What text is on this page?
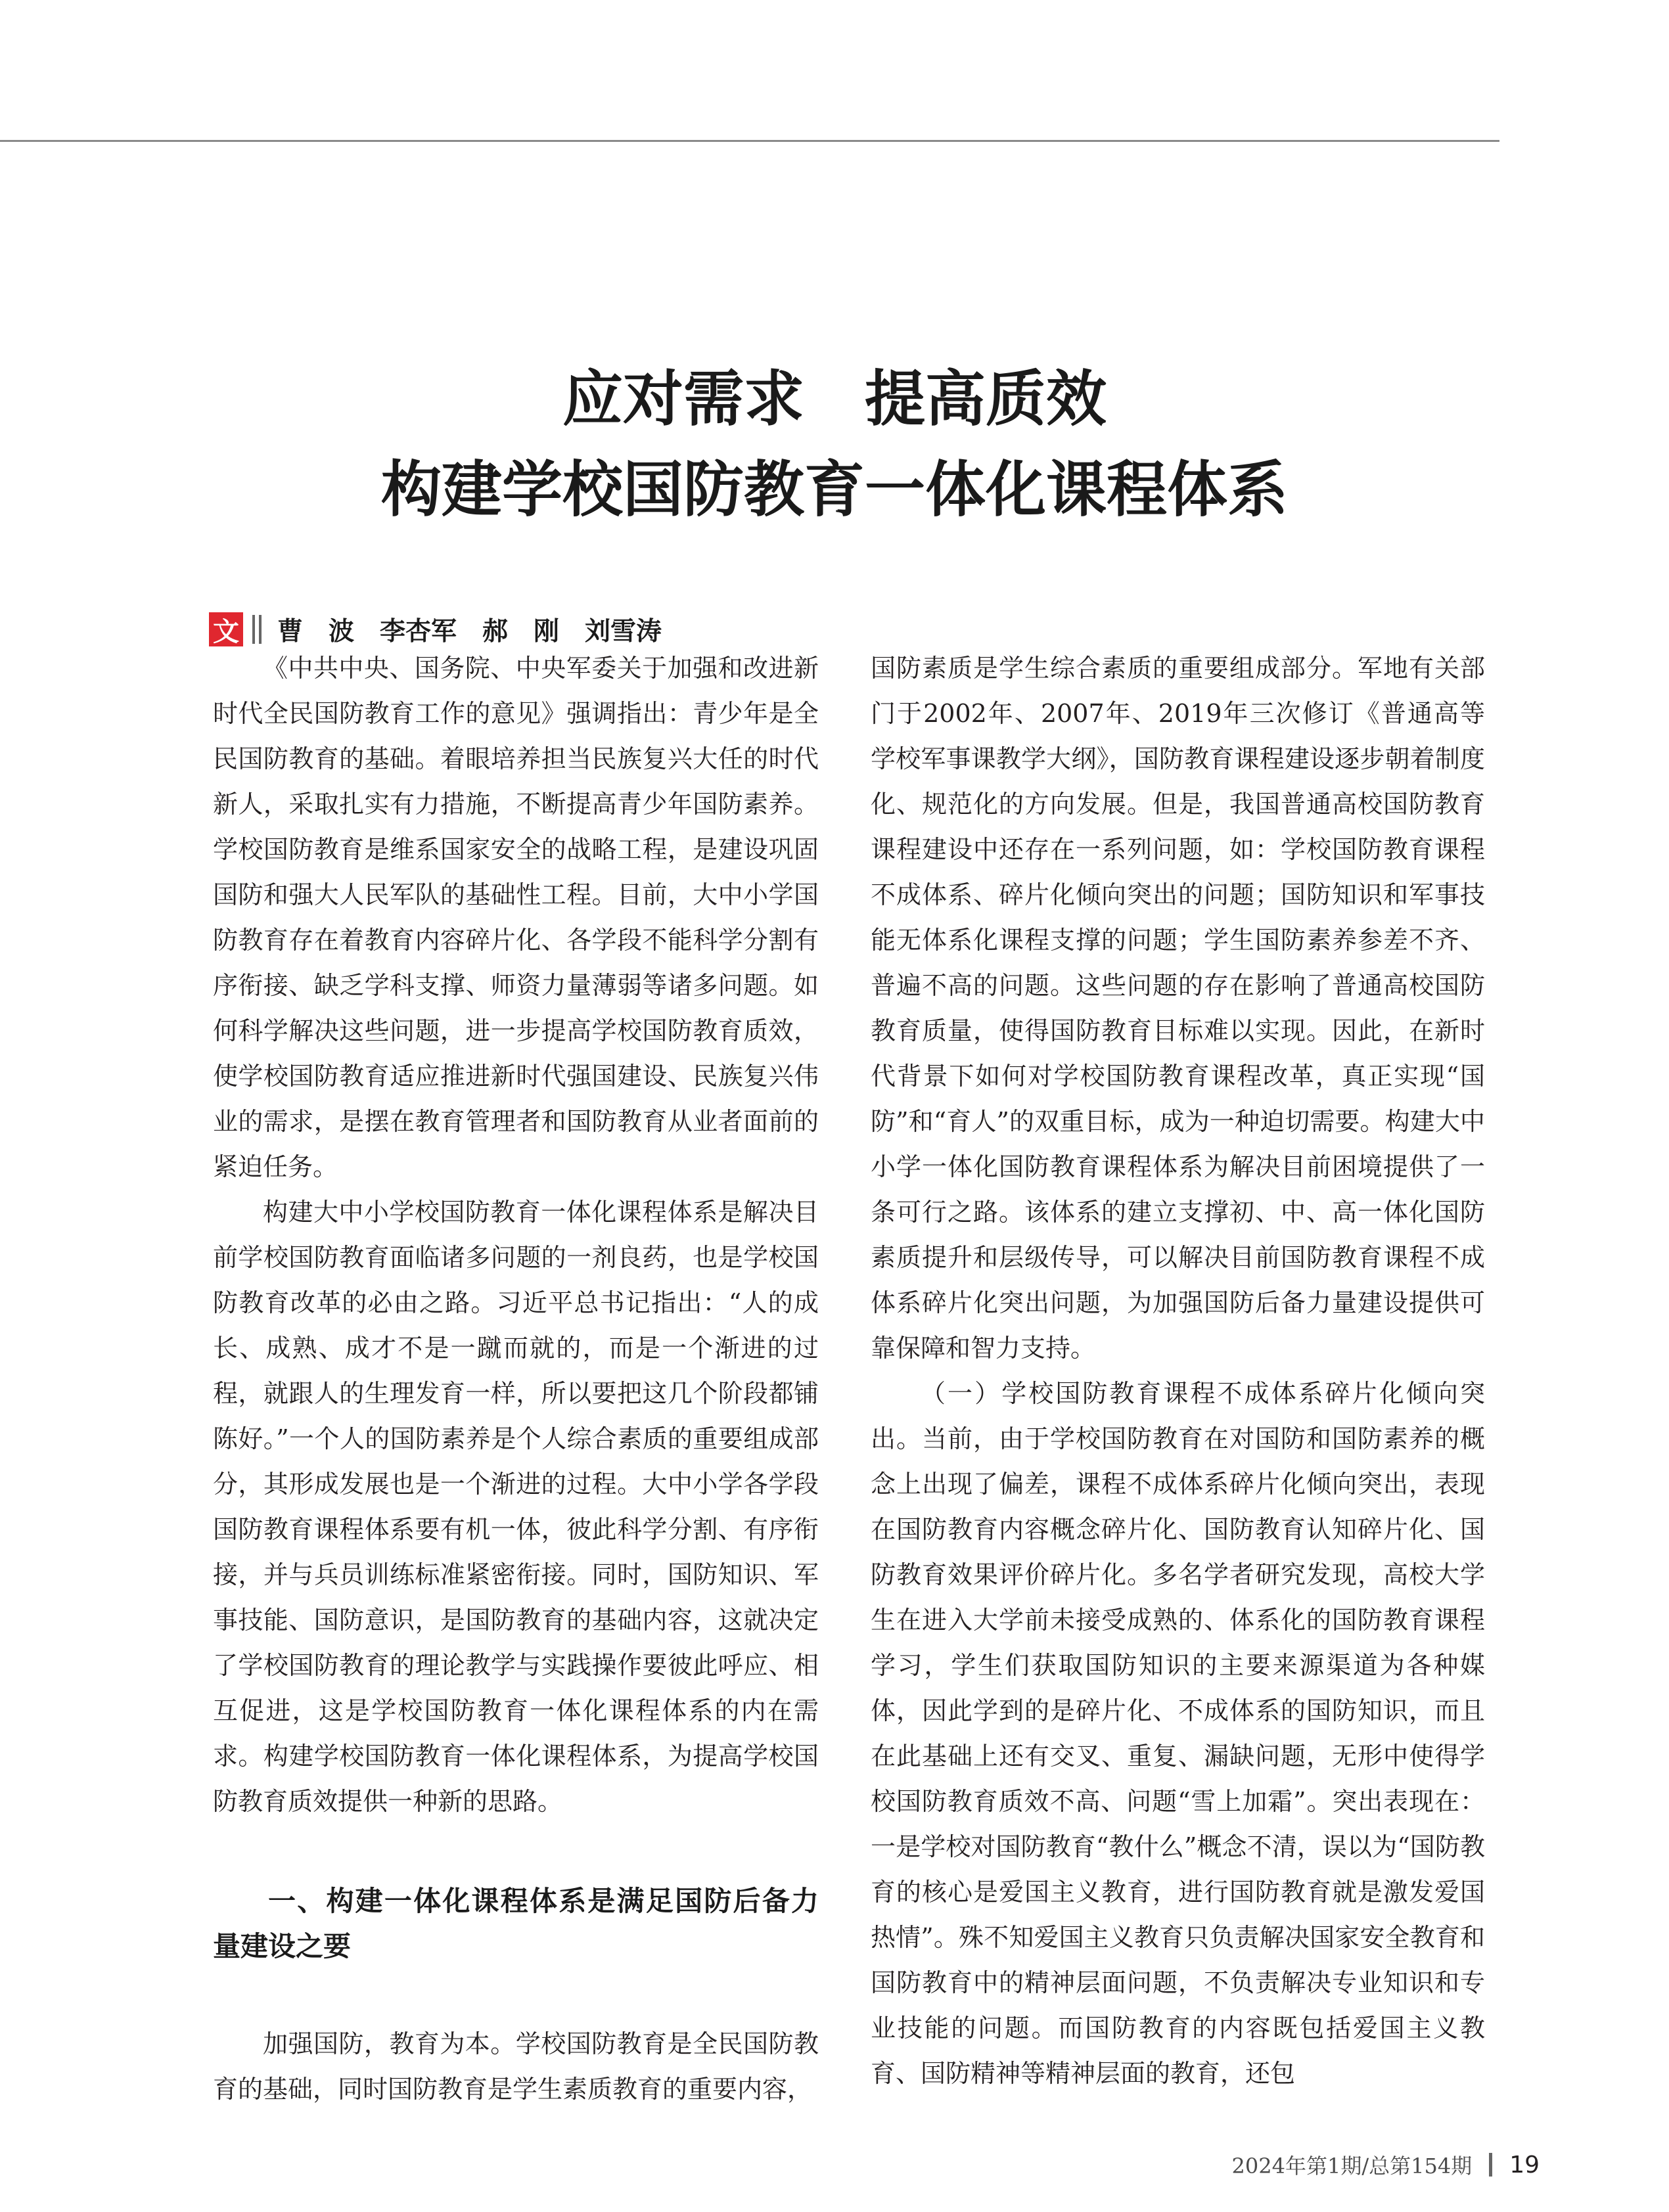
应对需求　提高质效
构建学校国防教育一体化课程体系
文 曹　波　李杏军　郝　刚　刘雪涛

《中共中央、国务院、中央军委关于加强和改进新时代全民国防教育工作的意见》强调指出：青少年是全民国防教育的基础。着眼培养担当民族复兴大任的时代新人，采取扎实有力措施，不断提高青少年国防素养。学校国防教育是维系国家安全的战略工程，是建设巩固国防和强大人民军队的基础性工程。目前，大中小学国防教育存在着教育内容碎片化、各学段不能科学分割有序衔接、缺乏学科支撑、师资力量薄弱等诸多问题。如何科学解决这些问题，进一步提高学校国防教育质效，使学校国防教育适应推进新时代强国建设、民族复兴伟业的需求，是摆在教育管理者和国防教育从业者面前的紧迫任务。

构建大中小学校国防教育一体化课程体系是解决目前学校国防教育面临诸多问题的一剂良药，也是学校国防教育改革的必由之路。习近平总书记指出：“人的成长、成熟、成才不是一蹴而就的，而是一个渐进的过程，就跟人的生理发育一样，所以要把这几个阶段都铺陈好。”一个人的国防素养是个人综合素质的重要组成部分，其形成发展也是一个渐进的过程。大中小学各学段国防教育课程体系要有机一体，彼此科学分割、有序衔接，并与兵员训练标准紧密衔接。同时，国防知识、军事技能、国防意识，是国防教育的基础内容，这就决定了学校国防教育的理论教学与实践操作要彼此呼应、相互促进，这是学校国防教育一体化课程体系的内在需求。构建学校国防教育一体化课程体系，为提高学校国防教育质效提供一种新的思路。

一、构建一体化课程体系是满足国防后备力量建设之要

加强国防，教育为本。学校国防教育是全民国防教育的基础，同时国防教育是学生素质教育的重要内容，

国防素质是学生综合素质的重要组成部分。军地有关部门于2002年、2007年、2019年三次修订《普通高等学校军事课教学大纲》，国防教育课程建设逐步朝着制度化、规范化的方向发展。但是，我国普通高校国防教育课程建设中还存在一系列问题，如：学校国防教育课程不成体系、碎片化倾向突出的问题；国防知识和军事技能无体系化课程支撑的问题；学生国防素养参差不齐、普遍不高的问题。这些问题的存在影响了普通高校国防教育质量，使得国防教育目标难以实现。因此，在新时代背景下如何对学校国防教育课程改革，真正实现“国防”和“育人”的双重目标，成为一种迫切需要。构建大中小学一体化国防教育课程体系为解决目前困境提供了一条可行之路。该体系的建立支撑初、中、高一体化国防素质提升和层级传导，可以解决目前国防教育课程不成体系碎片化突出问题，为加强国防后备力量建设提供可靠保障和智力支持。

（一）学校国防教育课程不成体系碎片化倾向突出。当前，由于学校国防教育在对国防和国防素养的概念上出现了偏差，课程不成体系碎片化倾向突出，表现在国防教育内容概念碎片化、国防教育认知碎片化、国防教育效果评价碎片化。多名学者研究发现，高校大学生在进入大学前未接受成熟的、体系化的国防教育课程学习，学生们获取国防知识的主要来源渠道为各种媒体，因此学到的是碎片化、不成体系的国防知识，而且在此基础上还有交叉、重复、漏缺问题，无形中使得学校国防教育质效不高、问题“雪上加霜”。突出表现在：一是学校对国防教育“教什么”概念不清，误以为“国防教育的核心是爱国主义教育，进行国防教育就是激发爱国热情”。殊不知爱国主义教育只负责解决国家安全教育和国防教育中的精神层面问题，不负责解决专业知识和专业技能的问题。而国防教育的内容既包括爱国主义教育、国防精神等精神层面的教育，还包

2024年第1期/总第154期 19
